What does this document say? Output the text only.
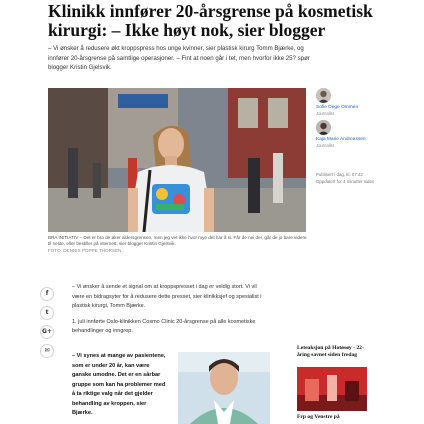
Klinikk innfører 20-årsgrense på kosmetisk kirurgi: – Ikke høyt nok, sier blogger

– Vi ønsker å redusere økt kroppspress hos unge kvinner, sier plastisk kirurg Tomm Bjærke, og innfører 20-årsgrense på samtlige operasjoner. – Fint at noen går i tet, men hvorfor ikke 25? spør blogger Kristin Gjelsvik.

BRA INITIATIV – Det er bra de øker aldersgrensen, men jeg vet ikke hvor mye det har å si. Får de nei der, går de jo bare videre til neste, eller bestiller på internett, sier blogger Kristin Gjelsvik.
FOTO: DENNIS POPPE THORSEN

Sofie Dege Ommen
Journalist
Kaja Marie Andreassen
Journalist
Publisert i dag, kl. 07:42
Oppdatert for 4 minutter siden
f
t
G+
✉

– Vi ønsker å sende et signal om at kroppspresset i dag er veldig stort. Vi vil være en bidragsyter for å redusere dette presset, sier klinikksjef og spesialist i plastisk kirurgi, Tomm Bjærke.

1. juli innførte Oslo-klinikken Cosmo Clinic 20-årsgrense på alle kosmetiske behandlinger og inngrep.

– Vi synes at mange av pasientene, som er under 20 år, kan være ganske umodne. Det er en sårbar gruppe som kan ha problemer med å ta riktige valg når det gjelder behandling av kroppen, sier Bjærke.

Leteaksjon på Hotøsøy - 22-åring savnet siden fredag

Frp og Venstre på
